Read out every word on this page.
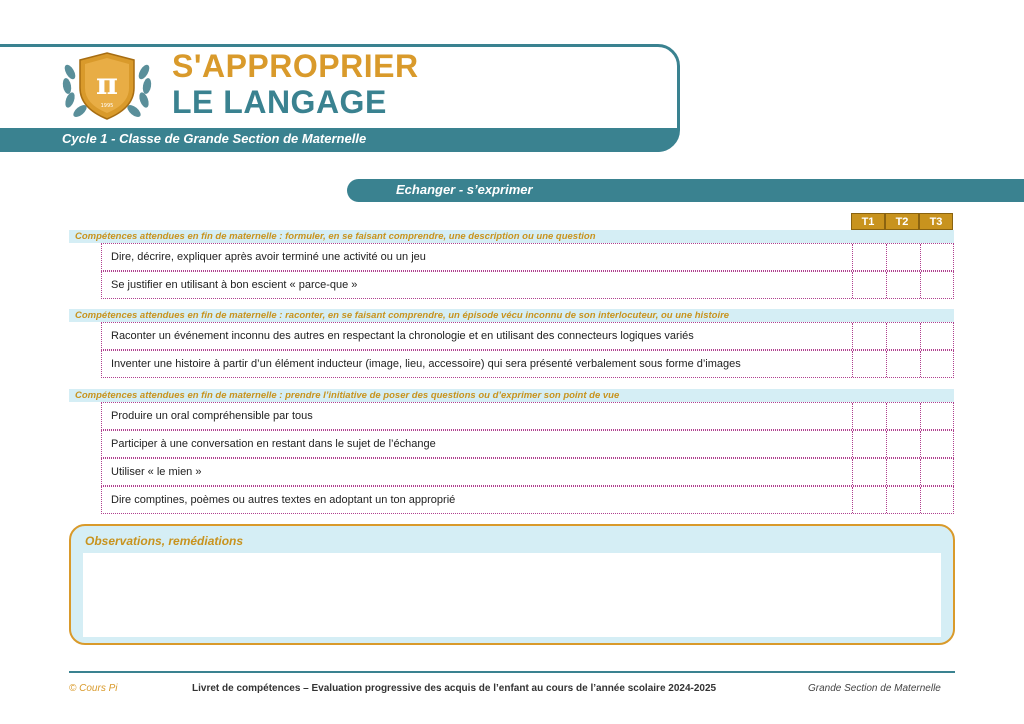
π
1995
S'APPROPRIER
LE LANGAGE
Cycle 1 - Classe de Grande Section de Maternelle
Echanger - s’exprimer
T1	T2	T3
Compétences attendues en fin de maternelle : formuler, en se faisant comprendre, une description ou une question
Dire, décrire, expliquer après avoir terminé une activité ou un jeu
Se justifier en utilisant à bon escient « parce-que »
Compétences attendues en fin de maternelle : raconter, en se faisant comprendre, un épisode vécu inconnu de son interlocuteur, ou une histoire
Raconter un événement inconnu des autres en respectant la chronologie et en utilisant des connecteurs logiques variés
Inventer une histoire à partir d’un élément inducteur (image, lieu, accessoire) qui sera présenté verbalement sous forme d’images
Compétences attendues en fin de maternelle : prendre l’initiative de poser des questions ou d’exprimer son point de vue
Produire un oral compréhensible par tous
Participer à une conversation en restant dans le sujet de l’échange
Utiliser « le mien »
Dire comptines, poèmes ou autres textes en adoptant un ton approprié
Observations, remédiations
© Cours Pi	Livret de compétences – Evaluation progressive des acquis de l’enfant au cours de l’année scolaire 2024-2025	Grande Section de Maternelle
